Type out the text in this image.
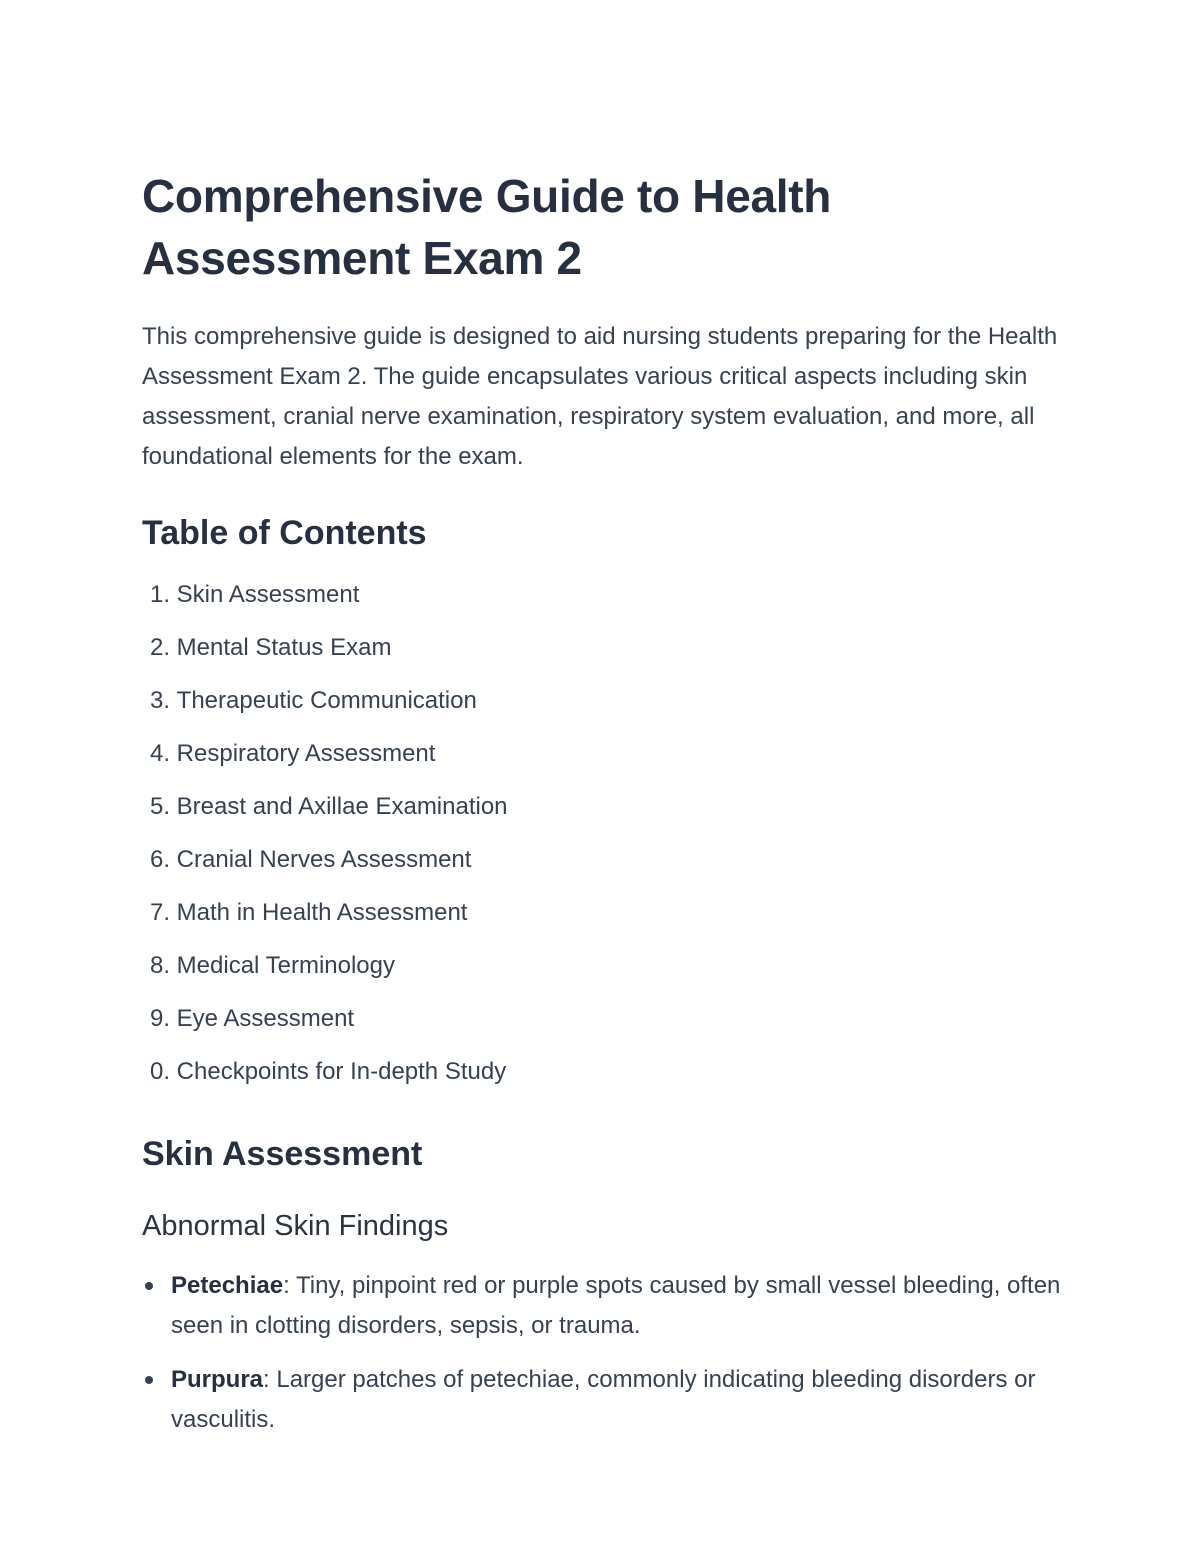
Comprehensive Guide to Health
Assessment Exam 2

This comprehensive guide is designed to aid nursing students preparing for the Health Assessment Exam 2. The guide encapsulates various critical aspects including skin assessment, cranial nerve examination, respiratory system evaluation, and more, all foundational elements for the exam.

Table of Contents
1.
Skin Assessment
2.
Mental Status Exam
3.
Therapeutic Communication
4.
Respiratory Assessment
5.
Breast and Axillae Examination
6.
Cranial Nerves Assessment
7.
Math in Health Assessment
8.
Medical Terminology
9.
Eye Assessment
0.
Checkpoints for In-depth Study
Skin Assessment
Abnormal Skin Findings
Petechiae: Tiny, pinpoint red or purple spots caused by small vessel bleeding, often seen in clotting disorders, sepsis, or trauma.
Purpura: Larger patches of petechiae, commonly indicating bleeding disorders or vasculitis.
